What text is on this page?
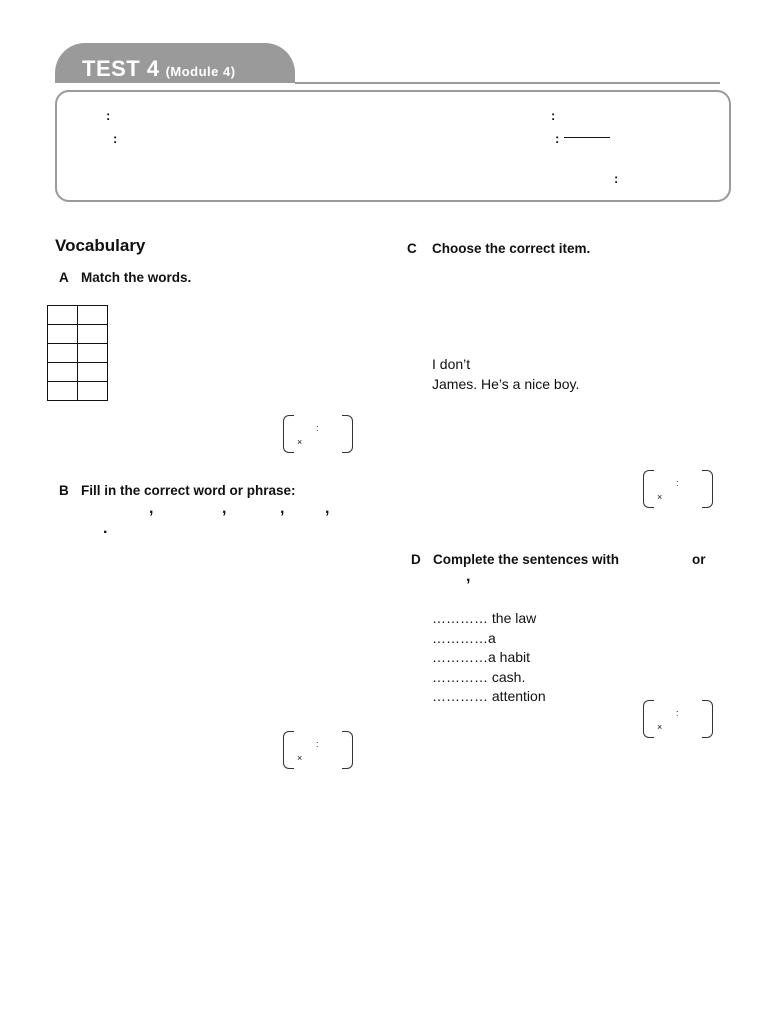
TEST 4 (Module 4)
:
:
:
:
:
Vocabulary
A Match the words.

:
×
B Fill in the correct word or phrase:
,	,	,	,
.
:
×
C Choose the correct item.
I don’t
James. He’s a nice boy.
:
×
D Complete the sentences with	or
,
………… the law
…………a
…………a habit
………… cash.
………… attention
:
×
